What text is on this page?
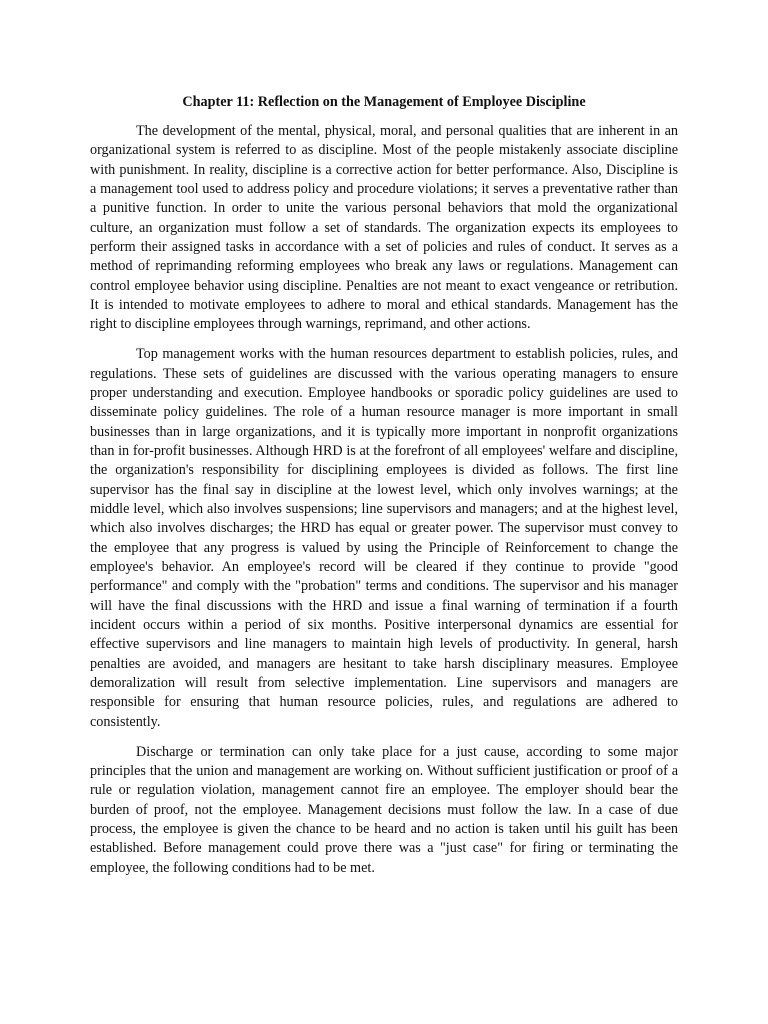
Chapter 11: Reflection on the Management of Employee Discipline

The development of the mental, physical, moral, and personal qualities that are inherent in an organizational system is referred to as discipline. Most of the people mistakenly associate discipline with punishment. In reality, discipline is a corrective action for better performance. Also, Discipline is a management tool used to address policy and procedure violations; it serves a preventative rather than a punitive function. In order to unite the various personal behaviors that mold the organizational culture, an organization must follow a set of standards. The organization expects its employees to perform their assigned tasks in accordance with a set of policies and rules of conduct. It serves as a method of reprimanding reforming employees who break any laws or regulations. Management can control employee behavior using discipline. Penalties are not meant to exact vengeance or retribution. It is intended to motivate employees to adhere to moral and ethical standards. Management has the right to discipline employees through warnings, reprimand, and other actions.

Top management works with the human resources department to establish policies, rules, and regulations. These sets of guidelines are discussed with the various operating managers to ensure proper understanding and execution. Employee handbooks or sporadic policy guidelines are used to disseminate policy guidelines. The role of a human resource manager is more important in small businesses than in large organizations, and it is typically more important in nonprofit organizations than in for-profit businesses. Although HRD is at the forefront of all employees' welfare and discipline, the organization's responsibility for disciplining employees is divided as follows. The first line supervisor has the final say in discipline at the lowest level, which only involves warnings; at the middle level, which also involves suspensions; line supervisors and managers; and at the highest level, which also involves discharges; the HRD has equal or greater power. The supervisor must convey to the employee that any progress is valued by using the Principle of Reinforcement to change the employee's behavior. An employee's record will be cleared if they continue to provide "good performance" and comply with the "probation" terms and conditions. The supervisor and his manager will have the final discussions with the HRD and issue a final warning of termination if a fourth incident occurs within a period of six months. Positive interpersonal dynamics are essential for effective supervisors and line managers to maintain high levels of productivity. In general, harsh penalties are avoided, and managers are hesitant to take harsh disciplinary measures. Employee demoralization will result from selective implementation. Line supervisors and managers are responsible for ensuring that human resource policies, rules, and regulations are adhered to consistently.

Discharge or termination can only take place for a just cause, according to some major principles that the union and management are working on. Without sufficient justification or proof of a rule or regulation violation, management cannot fire an employee. The employer should bear the burden of proof, not the employee. Management decisions must follow the law. In a case of due process, the employee is given the chance to be heard and no action is taken until his guilt has been established. Before management could prove there was a "just case" for firing or terminating the employee, the following conditions had to be met.
